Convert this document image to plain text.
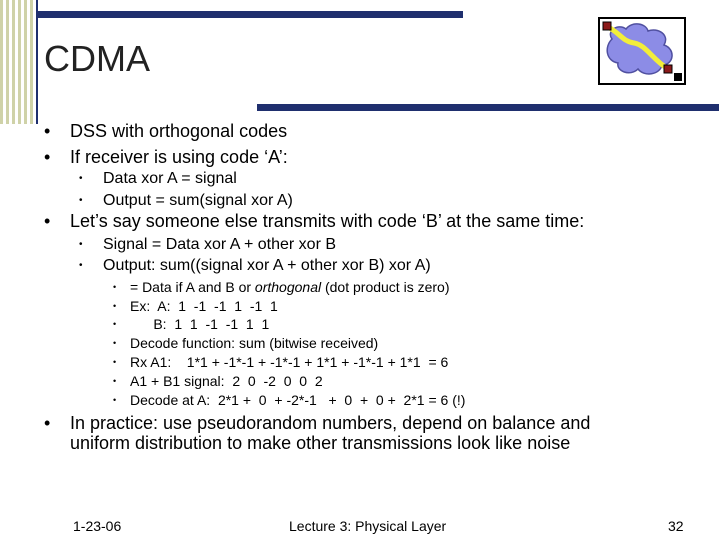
CDMA
• DSS with orthogonal codes
• If receiver is using code ‘A’:
• Data xor A = signal
• Output = sum(signal xor A)
• Let’s say someone else transmits with code ‘B’ at the same time:
• Signal = Data xor A + other xor B
• Output: sum((signal xor A + other xor B) xor A)
• = Data if A and B or orthogonal (dot product is zero)
• Ex:  A:  1  -1  -1  1  -1  1
• B:  1  1  -1  -1  1  1
• Decode function: sum (bitwise received)
• Rx A1:    1*1 + -1*-1 + -1*-1 + 1*1 + -1*-1 + 1*1  = 6
• A1 + B1 signal:  2  0  -2  0  0  2
• Decode at A:  2*1 +  0  + -2*-1   +  0  +  0 +  2*1 = 6 (!)
• In practice: use pseudorandom numbers, depend on balance and
uniform distribution to make other transmissions look like noise
1-23-06	Lecture 3: Physical Layer	32
